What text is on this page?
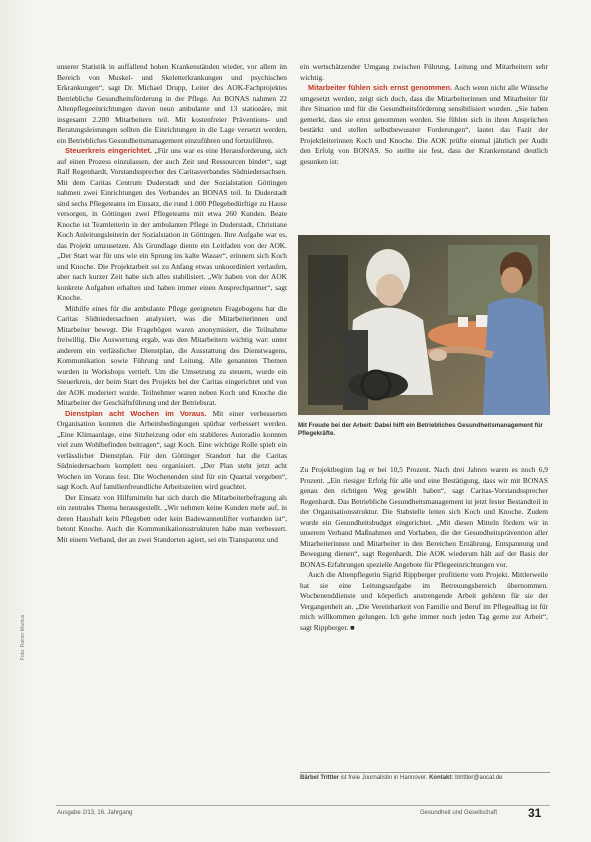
unserer Statistik in auffallend hohen Krankenständen wieder, vor allem im Bereich von Muskel- und Skeletterkrankungen und psychischen Erkrankungen“, sagt Dr. Michael Drupp, Leiter des AOK-Fachprojektes Betriebliche Gesundheitsförderung in der Pflege. An BONAS nahmen 22 Altenpflegeeinrichtungen davon neun ambulante und 13 stationäre, mit insgesamt 2.200 Mitarbeitern teil. Mit kostenfreier Präventions- und Beratungsleistungen sollten die Einrichtungen in die Lage versetzt werden, ein Betriebliches Gesundheitsmanagement einzuführen und fortzuführen.

Steuerkreis eingerichtet. „Für uns war es eine Herausforderung, sich auf einen Prozess einzulassen, der auch Zeit und Ressourcen bindet“, sagt Ralf Regenhardt, Vorstandssprecher des Caritasverbandes Südniedersachsen. Mit dem Caritas Centrum Duderstadt und der Sozialstation Göttingen nahmen zwei Einrichtungen des Verbandes an BONAS teil. In Duderstadt sind sechs Pflegeteams im Einsatz, die rund 1.000 Pflegebedürftige zu Hause versorgen, in Göttingen zwei Pflegeteams mit etwa 260 Kunden. Beate Knoche ist Teamleiterin in der ambulanten Pflege in Duderstadt, Christiane Koch Anleitungsleiterin der Sozialstation in Göttingen. Ihre Aufgabe war es, das Projekt umzusetzen. Als Grundlage diente ein Leitfaden von der AOK. „Der Start war für uns wie ein Sprung ins kalte Wasser“, erinnern sich Koch und Knoche. Die Projektarbeit sei zu Anfang etwas unkoordiniert verlaufen, aber nach kurzer Zeit habe sich alles stabilisiert. „Wir haben von der AOK konkrete Aufgaben erhalten und haben immer einen Ansprechpartner“, sagt Knoche.

Mithilfe eines für die ambulante Pflege geeigneten Fragebogens hat die Caritas Südniedersachsen analysiert, was die Mitarbeiterinnen und Mitarbeiter bewegt. Die Fragebögen waren anonymisiert, die Teilnahme freiwillig. Die Auswertung ergab, was den Mitarbeitern wichtig war: unter anderem ein verlässlicher Dienstplan, die Ausstattung des Dienstwagens, Kommunikation sowie Führung und Leitung. Alle genannten Themen wurden in Workshops vertieft. Um die Umsetzung zu steuern, wurde ein Steuerkreis, der beim Start des Projekts bei der Caritas eingerichtet und von der AOK moderiert wurde. Teilnehmer waren neben Koch und Knoche die Mitarbeiter der Geschäftsführung und der Betriebsrat.

Dienstplan acht Wochen im Voraus. Mit einer verbesserten Organisation konnten die Arbeitsbedingungen spürbar verbessert werden. „Eine Klimaanlage, eine Sitzheizung oder ein stabileres Autoradio konnten viel zum Wohlbefinden beitragen“, sagt Koch. Eine wichtige Rolle spielt ein verlässlicher Dienstplan. Für den Göttinger Standort hat die Caritas Südniedersachsen komplett neu organisiert. „Der Plan steht jetzt acht Wochen im Voraus fest. Die Wochenenden sind für ein Quartal vergeben“, sagt Koch. Auf familienfreundliche Arbeitszeiten wird geachtet.

Der Einsatz von Hilfsmitteln hat sich durch die Mitarbeiterbefragung als ein zentrales Thema herausgestellt. „Wir nehmen keine Kunden mehr auf, in deren Haushalt kein Pflegebett oder kein Badewannenlifter vorhanden ist“, betont Knoche. Auch die Kommunikationsstrukturen habe man verbessert. Mit einem Verband, der an zwei Standorten agiert, sei ein Transparenz und

ein wertschätzender Umgang zwischen Führung, Leitung und Mitarbeitern sehr wichtig.

Mitarbeiter fühlen sich ernst genommen. Auch wenn nicht alle Wünsche umgesetzt werden, zeigt sich doch, dass die Mitarbeiterinnen und Mitarbeiter für ihre Situation und für die Gesundheitsförderung sensibilisiert wurden. „Sie haben gemerkt, dass sie ernst genommen werden. Sie fühlen sich in ihren Ansprüchen bestärkt und stellen selbstbewusster Forderungen“, lautet das Fazit der Projektleiterinnen Koch und Knoche. Die AOK prüfte einmal jährlich per Audit den Erfolg von BONAS. So stellte sie fest, dass der Krankenstand deutlich gesunken ist:

Mit Freude bei der Arbeit: Dabei hilft ein Betriebliches Gesundheitsmanagement für Pflegekräfte.

Zu Projektbeginn lag er bei 10,5 Prozent. Nach drei Jahren waren es noch 6,9 Prozent. „Ein riesiger Erfolg für alle und eine Bestätigung, dass wir mit BONAS genau den richtigen Weg gewählt haben“, sagt Caritas-Vorstandssprecher Regenhardt. Das Betriebliche Gesundheitsmanagement ist jetzt fester Bestandteil in der Organisationsstruktur. Die Stabstelle leiten sich Koch und Knoche. Zudem wurde ein Gesundheitsbudget eingerichtet. „Mit diesen Mitteln fördern wir in unserem Verband Maßnahmen und Vorhaben, die der Gesundheitsprävention aller Mitarbeiterinnen und Mitarbeiter in den Bereichen Ernährung, Entspannung und Bewegung dienen“, sagt Regenhardt. Die AOK wiederum hält auf der Basis der BONAS-Erfahrungen spezielle Angebote für Pflegeeinrichtungen vor.

Auch die Altenpflegerin Sigrid Rippberger profitierte vom Projekt. Mittlerweile hat sie eine Leitungsaufgabe im Betreuungsbereich übernommen. Wochenenddienste und körperlich anstrengende Arbeit gehören für sie der Vergangenheit an. „Die Vereinbarkeit von Familie und Beruf im Pflegealltag ist für mich willkommen gelungen. Ich gehe immer noch jeden Tag gerne zur Arbeit“, sagt Rippberger. ■

Bärbel Trittler ist freie Journalistin in Hannover. Kontakt: btrittler@aocat.de
Ausgabe 2/13, 16. Jahrgang	Gesundheit und Gesellschaft	31
Foto: Rainer Markus
